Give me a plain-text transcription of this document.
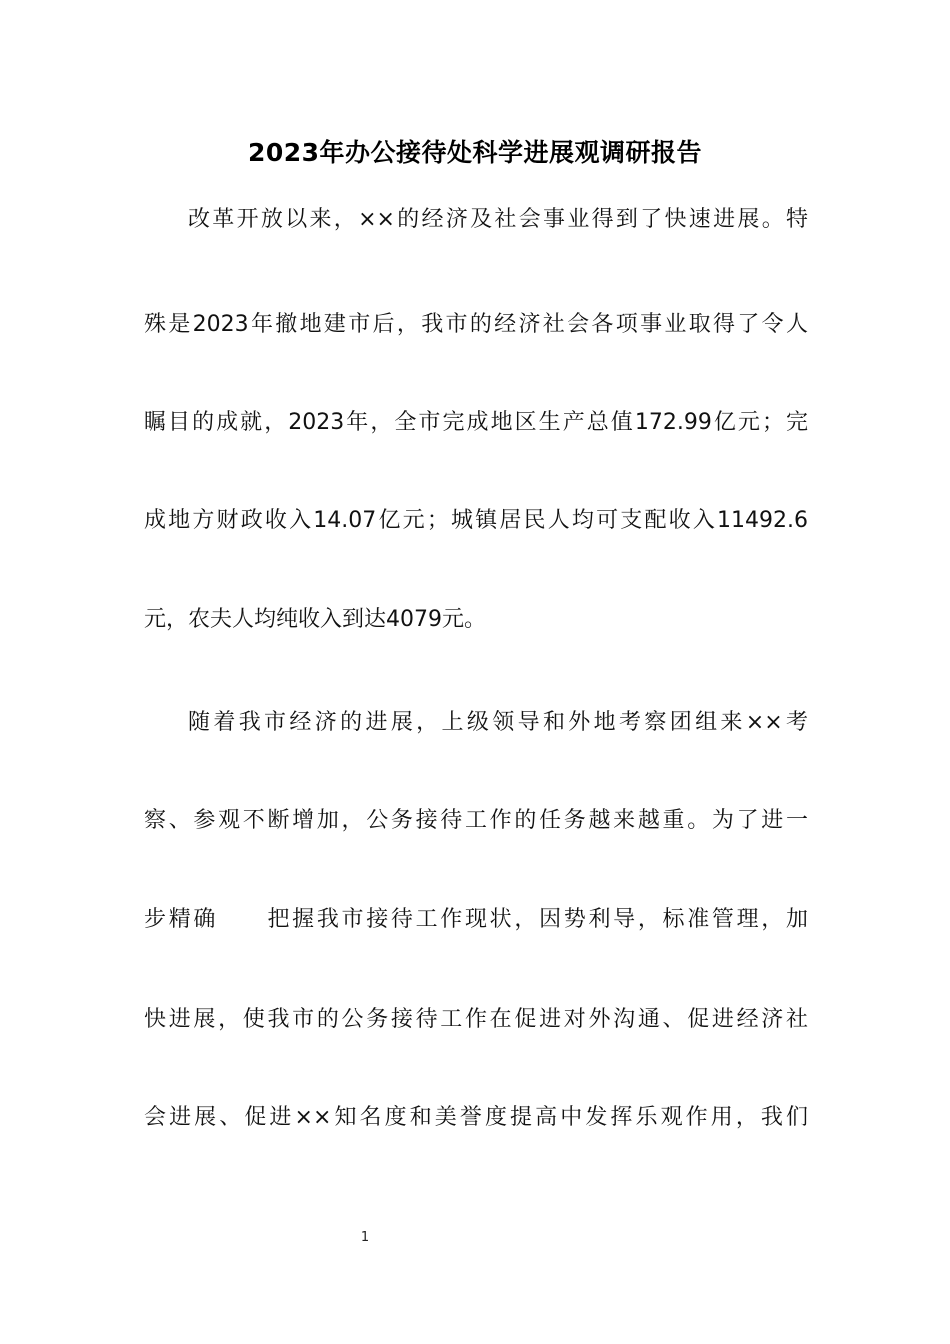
2023年办公接待处科学进展观调研报告
改革开放以来，××的经济及社会事业得到了快速进展。特
殊是2023年撤地建市后，我市的经济社会各项事业取得了令人
瞩目的成就，2023年，全市完成地区生产总值172.99亿元；完
成地方财政收入14.07亿元；城镇居民人均可支配收入11492.6
元，农夫人均纯收入到达4079元。
随着我市经济的进展，上级领导和外地考察团组来××考
察、参观不断增加，公务接待工作的任务越来越重。为了进一
步精确　　把握我市接待工作现状，因势利导，标准管理，加
快进展，使我市的公务接待工作在促进对外沟通、促进经济社
会进展、促进××知名度和美誉度提高中发挥乐观作用，我们
1
